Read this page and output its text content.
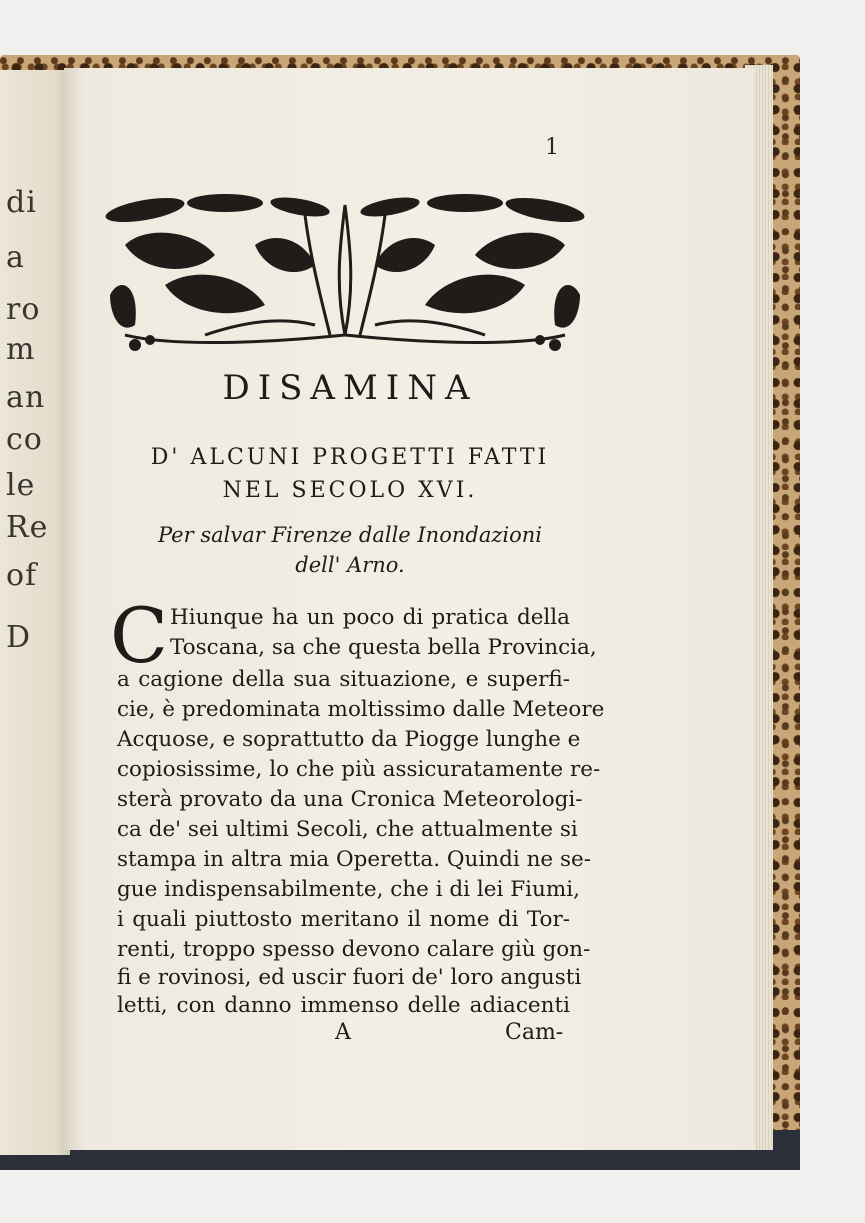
di
a
ro
m
an
co
le
Re
of
D
1
DISAMINA
D' ALCUNI PROGETTI FATTI
NEL SECOLO XVI.
Per salvar Firenze dalle Inondazioni
dell' Arno.
C Hiunque ha un poco di pratica della
Toscana, sa che questa bella Provincia,
a cagione della sua situazione, e superfi-
cie, è predominata moltissimo dalle Meteore
Acquose, e soprattutto da Piogge lunghe e
copiosissime, lo che più assicuratamente re-
sterà provato da una Cronica Meteorologi-
ca de' sei ultimi Secoli, che attualmente si
stampa in altra mia Operetta. Quindi ne se-
gue indispensabilmente, che i di lei Fiumi,
i quali piuttosto meritano il nome di Tor-
renti, troppo spesso devono calare giù gon-
fi e rovinosi, ed uscir fuori de' loro angusti
letti, con danno immenso delle adiacenti
A	Cam-
